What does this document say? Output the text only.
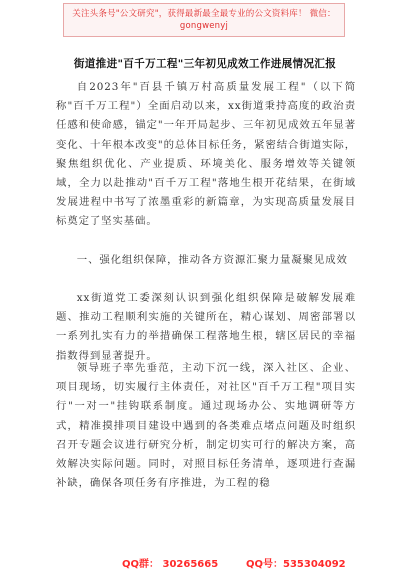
关注头条号"公文研究"，获得最新最全最专业的公文资料库！ 微信：gongwenyj
街道推进"百千万工程"三年初见成效工作进展情况汇报

自2023年"百县千镇万村高质量发展工程"（以下简称"百千万工程"）全面启动以来，xx街道秉持高度的政治责任感和使命感，锚定"一年开局起步、三年初见成效五年显著变化、十年根本改变"的总体目标任务，紧密结合街道实际，聚焦组织优化、产业提质、环境美化、服务增效等关键领域，全力以赴推动"百千万工程"落地生根开花结果，在街域发展进程中书写了浓墨重彩的新篇章，为实现高质量发展目标奠定了坚实基础。

一、强化组织保障，推动各方资源汇聚力量凝聚见成效

xx街道党工委深刻认识到强化组织保障是破解发展难题、推动工程顺利实施的关键所在，精心谋划、周密部署以一系列扎实有力的举措确保工程落地生根，辖区居民的幸福指数得到显著提升。

领导班子率先垂范，主动下沉一线，深入社区、企业、项目现场，切实履行主体责任，对社区"百千万工程"项目实行"一对一"挂钩联系制度。通过现场办公、实地调研等方式，精准摸排项目建设中遇到的各类难点堵点问题及时组织召开专题会议进行研究分析，制定切实可行的解决方案，高效解决实际问题。同时，对照目标任务清单，逐项进行查漏补缺，确保各项任务有序推进，为工程的稳

QQ群： 30265665	QQ号：535304092
